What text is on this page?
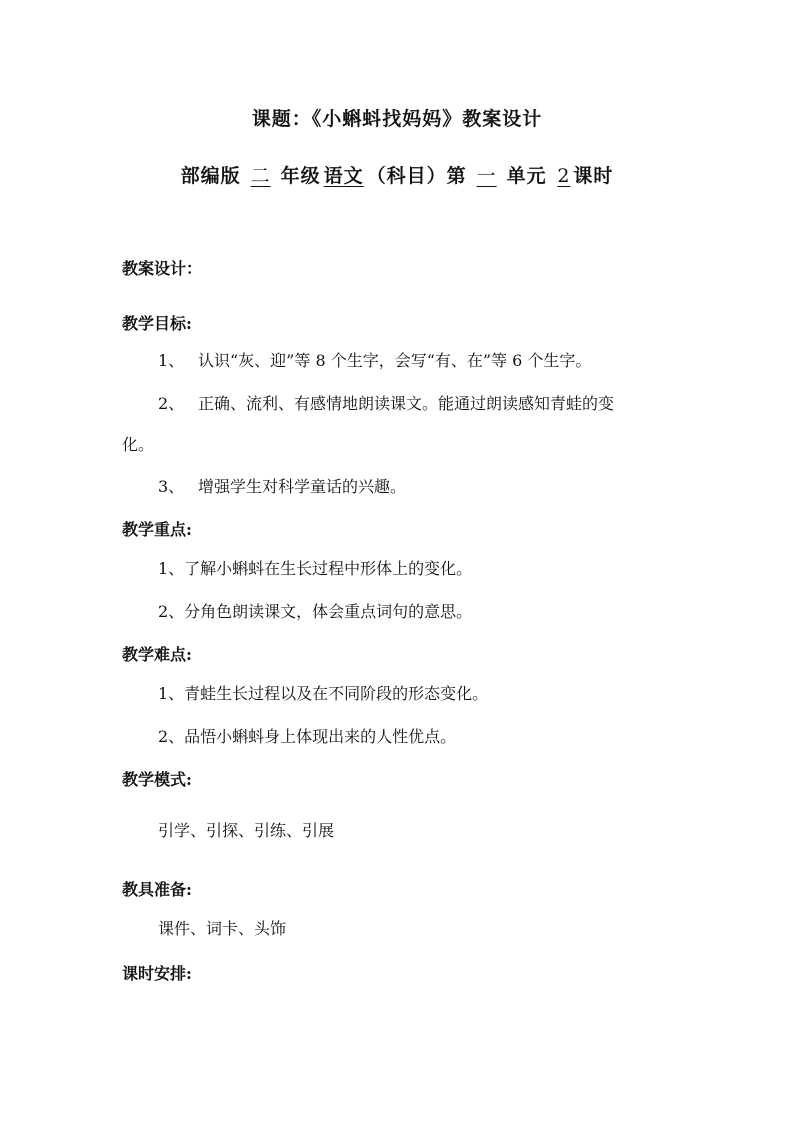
课题：《小蝌蚪找妈妈》教案设计
部编版 二 年级 语文 （科目）第 一 单元 2 课时
教案设计：
教学目标:
1、 认识“灰、迎”等 8 个生字，会写“有、在”等 6 个生字。
2、 正确、流利、有感情地朗读课文。能通过朗读感知青蛙的变
化。
3、 增强学生对科学童话的兴趣。
教学重点:
1、了解小蝌蚪在生长过程中形体上的变化。
2、分角色朗读课文，体会重点词句的意思。
教学难点:
1、青蛙生长过程以及在不同阶段的形态变化。
2、品悟小蝌蚪身上体现出来的人性优点。
教学模式:
引学、引探、引练、引展
教具准备:
课件、词卡、头饰
课时安排:
